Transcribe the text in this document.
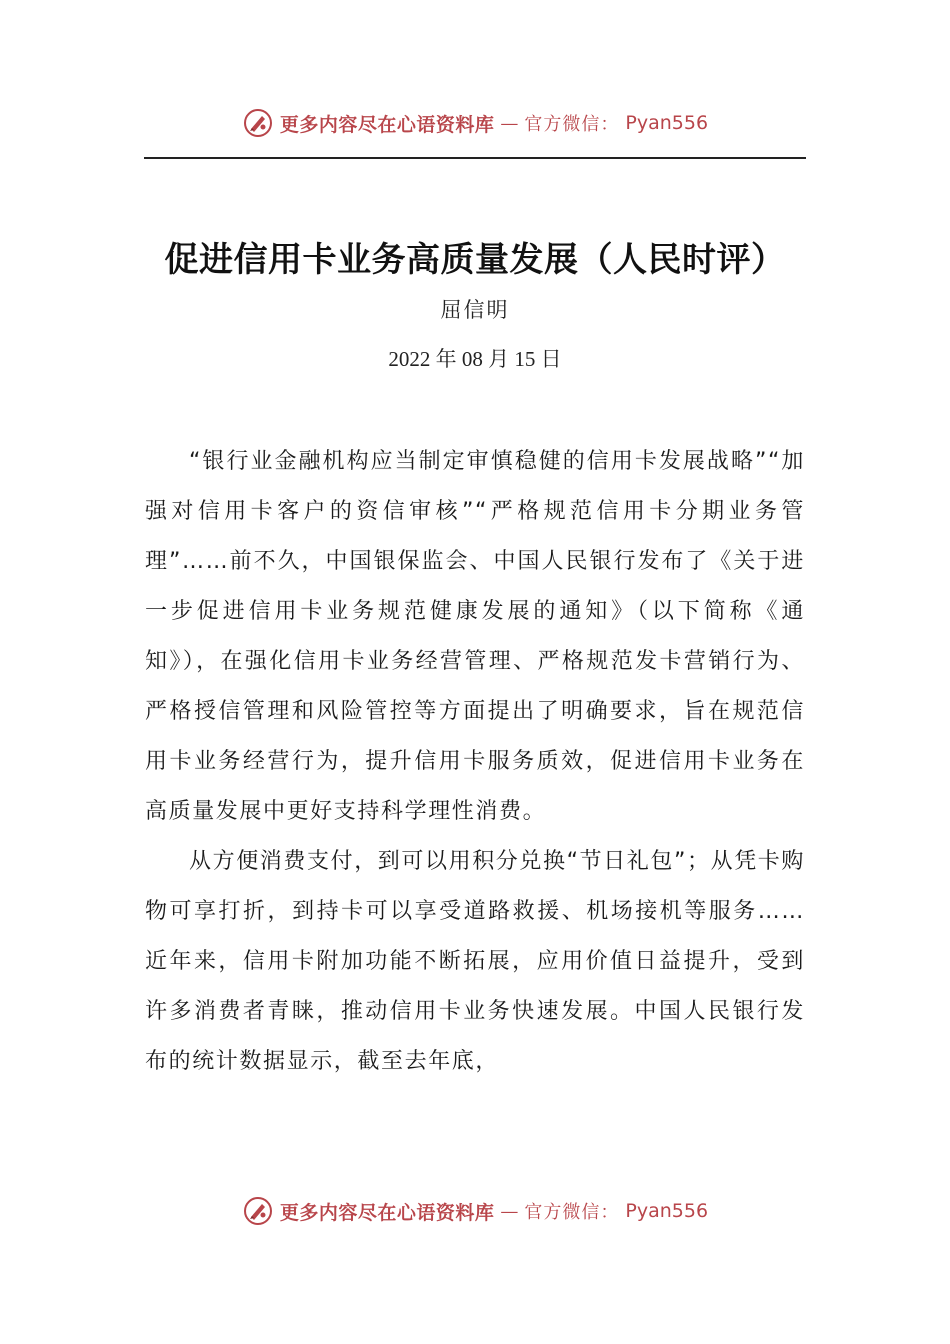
更多内容尽在心语资料库 — 官方微信： Pyan556
促进信用卡业务高质量发展（人民时评）
屈信明
2022 年 08 月 15 日

“银行业金融机构应当制定审慎稳健的信用卡发展战略”“加强对信用卡客户的资信审核”“严格规范信用卡分期业务管理”……前不久，中国银保监会、中国人民银行发布了《关于进一步促进信用卡业务规范健康发展的通知》（以下简称《通知》），在强化信用卡业务经营管理、严格规范发卡营销行为、严格授信管理和风险管控等方面提出了明确要求，旨在规范信用卡业务经营行为，提升信用卡服务质效，促进信用卡业务在高质量发展中更好支持科学理性消费。

从方便消费支付，到可以用积分兑换“节日礼包”；从凭卡购物可享打折，到持卡可以享受道路救援、机场接机等服务……近年来，信用卡附加功能不断拓展，应用价值日益提升，受到许多消费者青睐，推动信用卡业务快速发展。中国人民银行发布的统计数据显示，截至去年底，

更多内容尽在心语资料库 — 官方微信： Pyan556
